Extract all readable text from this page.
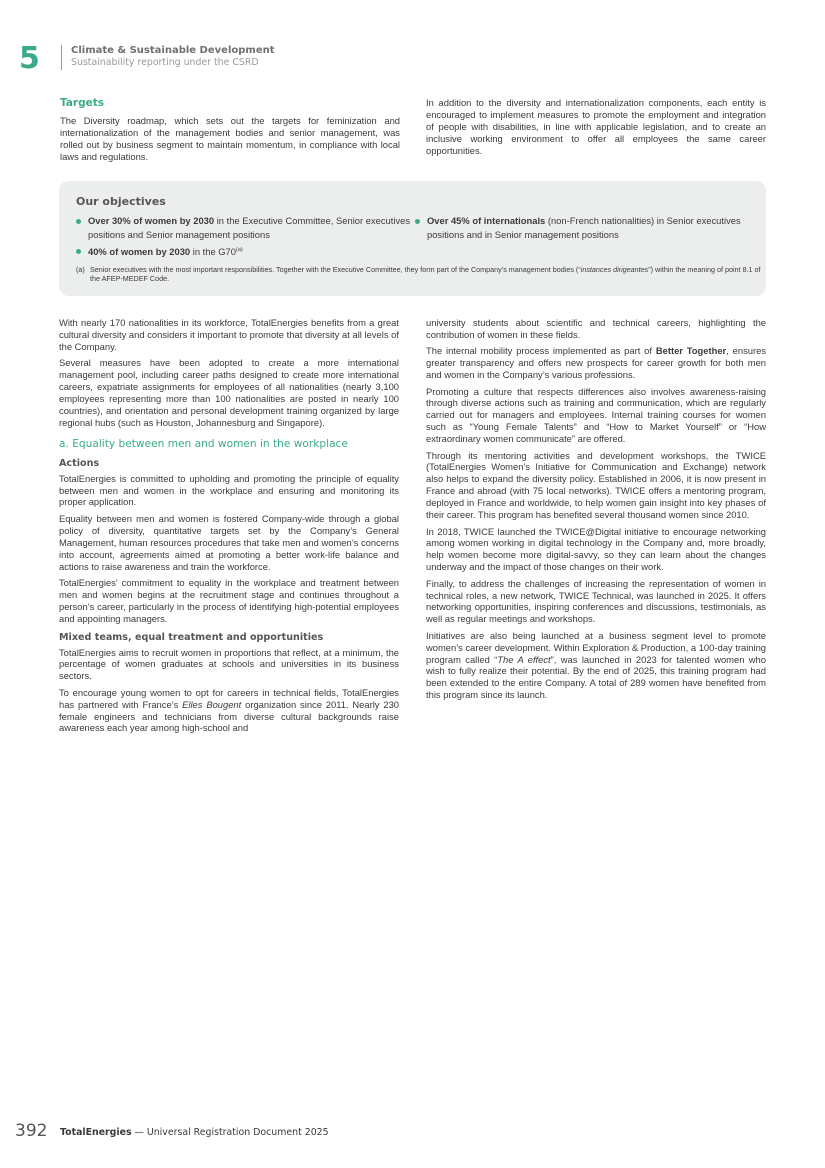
5	Climate & Sustainable Development
Sustainability reporting under the CSRD
Targets

The Diversity roadmap, which sets out the targets for feminization and internationalization of the management bodies and senior management, was rolled out by business segment to maintain momentum, in compliance with local laws and regulations.

In addition to the diversity and internationalization components, each entity is encouraged to implement measures to promote the employment and integration of people with disabilities, in line with applicable legislation, and to create an inclusive working environment to offer all employees the same career opportunities.

Our objectives
Over 30% of women by 2030 in the Executive Committee, Senior executives positions and Senior management positions
40% of women by 2030 in the G70$^{(a)}$
Over 45% of internationals (non-French nationalities) in Senior executives positions and in Senior management positions
(a) Senior executives with the most important responsibilities. Together with the Executive Committee, they form part of the Company’s management bodies (“instances dirigeantes”) within the meaning of point 8.1 of the AFEP-MEDEF Code.

With nearly 170 nationalities in its workforce, TotalEnergies benefits from a great cultural diversity and considers it important to promote that diversity at all levels of the Company.

Several measures have been adopted to create a more international management pool, including career paths designed to create more international careers, expatriate assignments for employees of all nationalities (nearly 3,100 employees representing more than 100 nationalities are posted in nearly 100 countries), and orientation and personal development training organized by large regional hubs (such as Houston, Johannesburg and Singapore).

a. Equality between men and women in the workplace
Actions

TotalEnergies is committed to upholding and promoting the principle of equality between men and women in the workplace and ensuring and monitoring its proper application.

Equality between men and women is fostered Company-wide through a global policy of diversity, quantitative targets set by the Company’s General Management, human resources procedures that take men and women’s concerns into account, agreements aimed at promoting a better work-life balance and actions to raise awareness and train the workforce.

TotalEnergies’ commitment to equality in the workplace and treatment between men and women begins at the recruitment stage and continues throughout a person’s career, particularly in the process of identifying high-potential employees and appointing managers.

Mixed teams, equal treatment and opportunities

TotalEnergies aims to recruit women in proportions that reflect, at a minimum, the percentage of women graduates at schools and universities in its business sectors.

To encourage young women to opt for careers in technical fields, TotalEnergies has partnered with France’s Elles Bougent organization since 2011. Nearly 230 female engineers and technicians from diverse cultural backgrounds raise awareness each year among high-school and

university students about scientific and technical careers, highlighting the contribution of women in these fields.

The internal mobility process implemented as part of Better Together, ensures greater transparency and offers new prospects for career growth for both men and women in the Company’s various professions.

Promoting a culture that respects differences also involves awareness-raising through diverse actions such as training and communication, which are regularly carried out for managers and employees. Internal training courses for women such as “Young Female Talents” and “How to Market Yourself” or “How extraordinary women communicate” are offered.

Through its mentoring activities and development workshops, the TWICE (TotalEnergies Women’s Initiative for Communication and Exchange) network also helps to expand the diversity policy. Established in 2006, it is now present in France and abroad (with 75 local networks). TWICE offers a mentoring program, deployed in France and worldwide, to help women gain insight into key phases of their career. This program has benefited several thousand women since 2010.

In 2018, TWICE launched the TWICE@Digital initiative to encourage networking among women working in digital technology in the Company and, more broadly, help women become more digital-savvy, so they can learn about the changes underway and the impact of those changes on their work.

Finally, to address the challenges of increasing the representation of women in technical roles, a new network, TWICE Technical, was launched in 2025. It offers networking opportunities, inspiring conferences and discussions, testimonials, as well as regular meetings and workshops.

Initiatives are also being launched at a business segment level to promote women’s career development. Within Exploration & Production, a 100-day training program called “The A effect”, was launched in 2023 for talented women who wish to fully realize their potential. By the end of 2025, this training program had been extended to the entire Company. A total of 289 women have benefited from this program since its launch.

392 TotalEnergies — Universal Registration Document 2025
